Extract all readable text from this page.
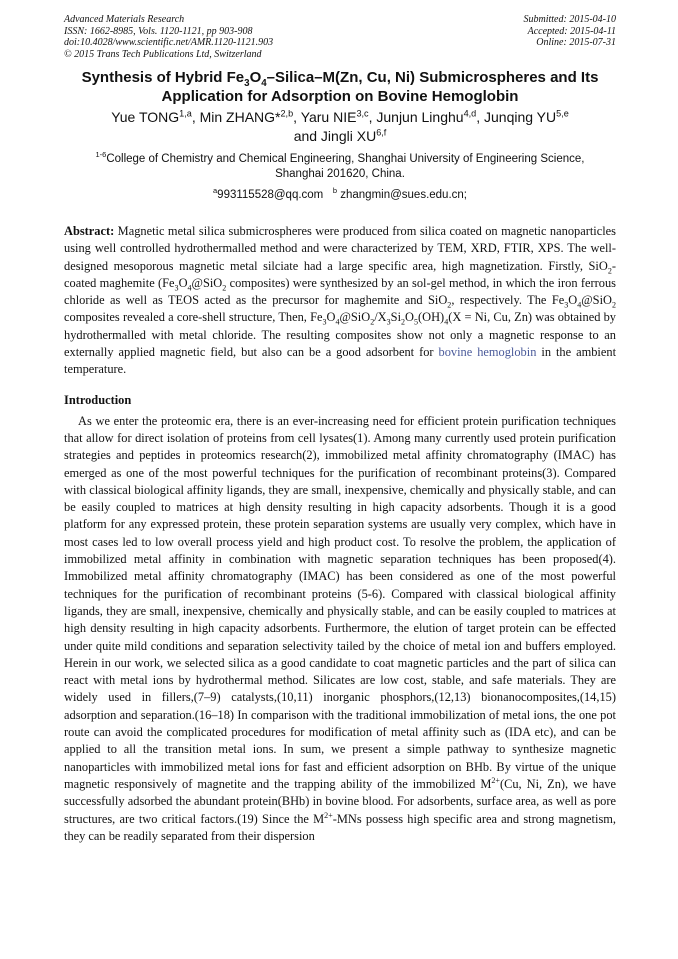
Advanced Materials Research
ISSN: 1662-8985, Vols. 1120-1121, pp 903-908
doi:10.4028/www.scientific.net/AMR.1120-1121.903
© 2015 Trans Tech Publications Ltd, Switzerland
Submitted: 2015-04-10
Accepted: 2015-04-11
Online: 2015-07-31
Synthesis of Hybrid $Fe_3O_4-Silica-M(Zn$, Cu, Ni) Submicrospheres and Its
Application for Adsorption on Bovine Hemoglobin
Yue TONG$^{1,a}$, Min ZHANG*$^{2,b}$, Yaru NIE$^{3,c}$, Junjun Linghu$^{4,d}$, Junqing YU$^{5,e}$
and Jingli XU$^{6,f}$
$^{1-6}$College of Chemistry and Chemical Engineering, Shanghai University of Engineering Science,
Shanghai 201620, China.
$^a$993115528@qq.com $^b$ zhangmin@sues.edu.cn;
Abstract: Magnetic metal silica submicrospheres were produced from silica coated on magnetic nanoparticles using well controlled hydrothermalled method and were characterized by TEM, XRD, FTIR, XPS. The well-designed mesoporous magnetic metal silciate had a large specific area, high magnetization. Firstly, SiO$_2$-coated maghemite ($Fe_3O_4@SiO_2$ composites) were synthesized by an sol-gel method, in which the iron ferrous chloride as well as TEOS acted as the precursor for maghemite and SiO$_2$, respectively. The $Fe_3O_4@SiO_2$ composites revealed a core-shell structure, Then, $Fe_3O_4@SiO_2/X_3Si_2O_5(OH)_4(X = Ni$, Cu, Zn) was obtained by hydrothermalled with metal chloride. The resulting composites show not only a magnetic response to an externally applied magnetic field, but also can be a good adsorbent for bovine hemoglobin in the ambient temperature.
Introduction

As we enter the proteomic era, there is an ever-increasing need for efficient protein purification techniques that allow for direct isolation of proteins from cell lysates(1). Among many currently used protein purification strategies and peptides in proteomics research(2), immobilized metal affinity chromatography (IMAC) has emerged as one of the most powerful techniques for the purification of recombinant proteins(3). Compared with classical biological affinity ligands, they are small, inexpensive, chemically and physically stable, and can be easily coupled to matrices at high density resulting in high capacity adsorbents. Though it is a good platform for any expressed protein, these protein separation systems are usually very complex, which have in most cases led to low overall process yield and high product cost. To resolve the problem, the application of immobilized metal affinity in combination with magnetic separation techniques has been proposed(4). Immobilized metal affinity chromatography (IMAC) has been considered as one of the most powerful techniques for the purification of recombinant proteins (5-6). Compared with classical biological affinity ligands, they are small, inexpensive, chemically and physically stable, and can be easily coupled to matrices at high density resulting in high capacity adsorbents. Furthermore, the elution of target protein can be effected under quite mild conditions and separation selectivity tailed by the choice of metal ion and buffers employed. Herein in our work, we selected silica as a good candidate to coat magnetic particles and the part of silica can react with metal ions by hydrothermal method. Silicates are low cost, stable, and safe materials. They are widely used in fillers,(7–9) catalysts,(10,11) inorganic phosphors,(12,13) bionanocomposites,(14,15) adsorption and separation.(16–18) In comparison with the traditional immobilization of metal ions, the one pot route can avoid the complicated procedures for modification of metal affinity such as (IDA etc), and can be applied to all the transition metal ions. In sum, we present a simple pathway to synthesize magnetic nanoparticles with immobilized metal ions for fast and efficient adsorption on BHb. By virtue of the unique magnetic responsively of magnetite and the trapping ability of the immobilized $M^{2+}(Cu$, Ni, Zn), we have successfully adsorbed the abundant protein(BHb) in bovine blood. For adsorbents, surface area, as well as pore structures, are two critical factors.(19) Since the $M^{2+}$-MNs possess high specific area and strong magnetism, they can be readily separated from their dispersion
